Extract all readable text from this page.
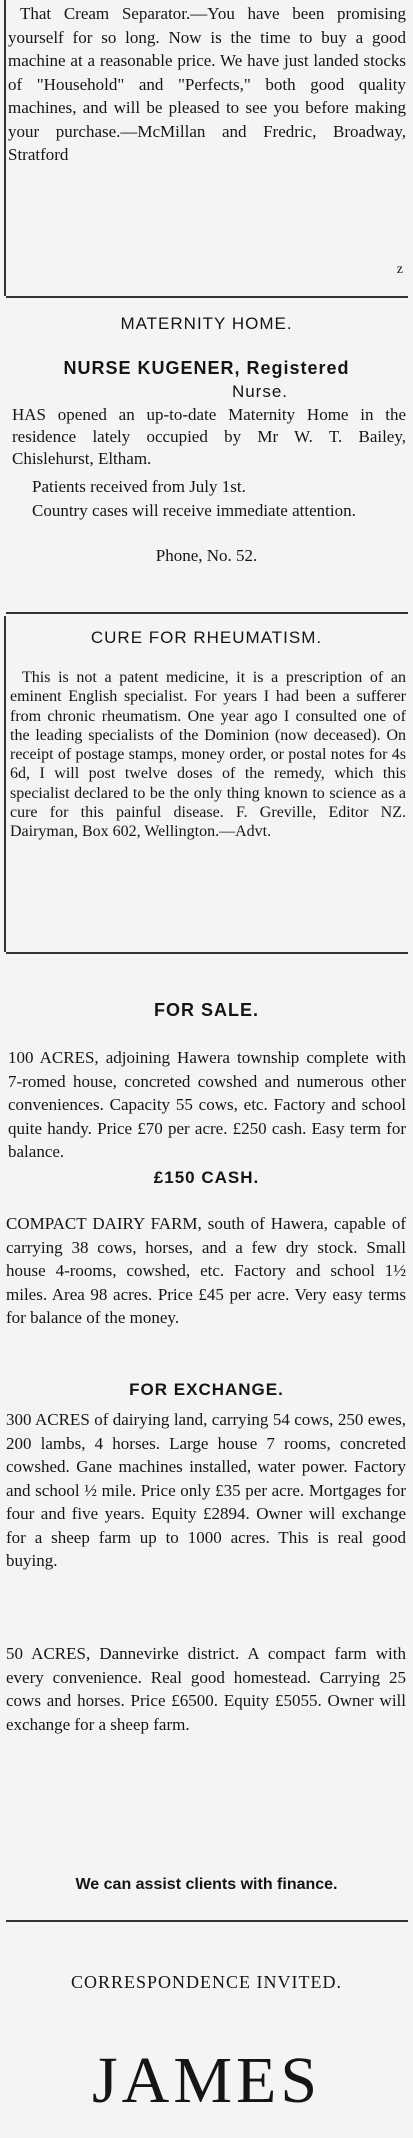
That Cream Separator.—You have been promising yourself for so long. Now is the time to buy a good machine at a reasonable price. We have just landed stocks of "Household" and "Perfects," both good quality machines, and will be pleased to see you before making your purchase.—McMillan and Fredric, Broadway, Stratford

z

MATERNITY HOME.

NURSE KUGENER, Registered

Nurse.

HAS opened an up-to-date Maternity Home in the residence lately occupied by Mr W. T. Bailey, Chislehurst, Eltham.

Patients received from July 1st.

Country cases will receive immediate attention.

Phone, No. 52.

CURE FOR RHEUMATISM.

This is not a patent medicine, it is a prescription of an eminent English specialist. For years I had been a sufferer from chronic rheumatism. One year ago I consulted one of the leading specialists of the Dominion (now deceased). On receipt of postage stamps, money order, or postal notes for 4s 6d, I will post twelve doses of the remedy, which this specialist declared to be the only thing known to science as a cure for this painful disease. F. Greville, Editor NZ. Dairyman, Box 602, Wellington.—Advt.

FOR SALE.

100 ACRES, adjoining Hawera township complete with 7-romed house, concreted cowshed and numerous other conveniences. Capacity 55 cows, etc. Factory and school quite handy. Price £70 per acre. £250 cash. Easy term for balance.

£150 CASH.

COMPACT DAIRY FARM, south of Hawera, capable of carrying 38 cows, horses, and a few dry stock. Small house 4-rooms, cowshed, etc. Factory and school 1½ miles. Area 98 acres. Price £45 per acre. Very easy terms for balance of the money.

FOR EXCHANGE.

300 ACRES of dairying land, carrying 54 cows, 250 ewes, 200 lambs, 4 horses. Large house 7 rooms, concreted cowshed. Gane machines installed, water power. Factory and school ½ mile. Price only £35 per acre. Mortgages for four and five years. Equity £2894. Owner will exchange for a sheep farm up to 1000 acres. This is real good buying.

50 ACRES, Dannevirke district. A compact farm with every convenience. Real good homestead. Carrying 25 cows and horses. Price £6500. Equity £5055. Owner will exchange for a sheep farm.

We can assist clients with finance.

CORRESPONDENCE INVITED.

JAMES
